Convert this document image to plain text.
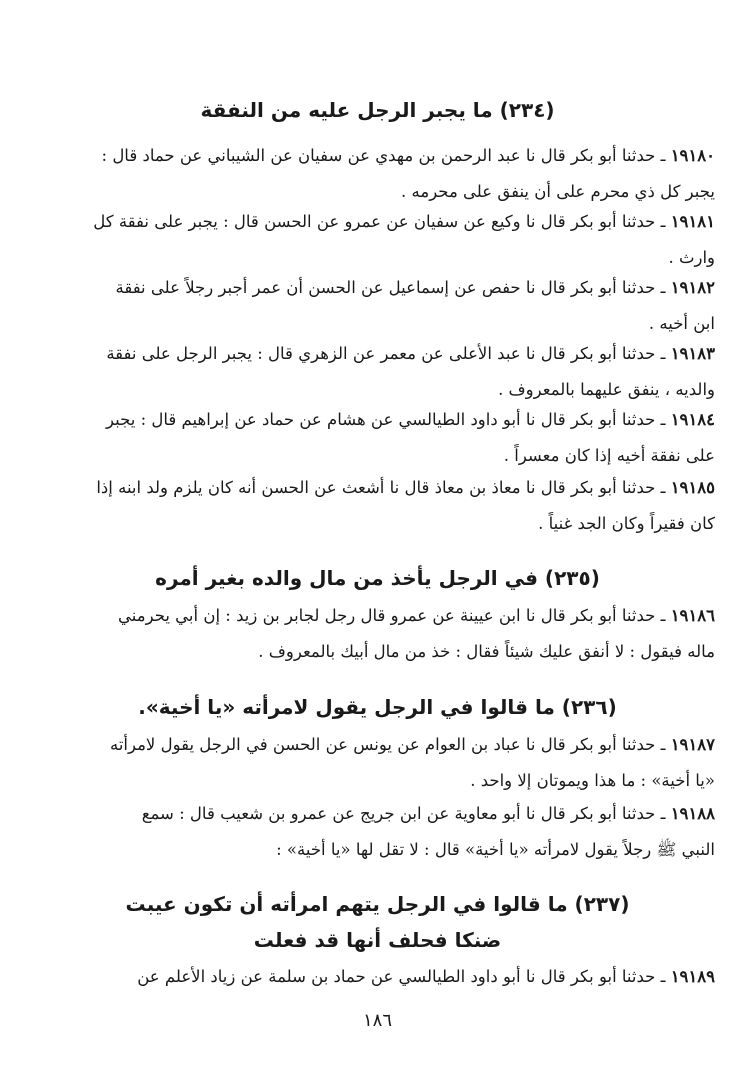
(٢٣٤) ما يجبر الرجل عليه من النفقة
١٩١٨٠ ـ حدثنا أبو بكر قال نا عبد الرحمن بن مهدي عن سفيان عن الشيباني عن حماد قال :
يجبر كل ذي محرم على أن ينفق على محرمه .
١٩١٨١ ـ حدثنا أبو بكر قال نا وكيع عن سفيان عن عمرو عن الحسن قال : يجبر على نفقة كل
وارث .
١٩١٨٢ ـ حدثنا أبو بكر قال نا حفص عن إسماعيل عن الحسن أن عمر أجبر رجلاً على نفقة
ابن أخيه .
١٩١٨٣ ـ حدثنا أبو بكر قال نا عبد الأعلى عن معمر عن الزهري قال : يجبر الرجل على نفقة
والديه ، ينفق عليهما بالمعروف .
١٩١٨٤ ـ حدثنا أبو بكر قال نا أبو داود الطيالسي عن هشام عن حماد عن إبراهيم قال : يجبر
على نفقة أخيه إذا كان معسراً .
١٩١٨٥ ـ حدثنا أبو بكر قال نا معاذ بن معاذ قال نا أشعث عن الحسن أنه كان يلزم ولد ابنه إذا
كان فقيراً وكان الجد غنياً .
(٢٣٥) في الرجل يأخذ من مال والده بغير أمره
١٩١٨٦ ـ حدثنا أبو بكر قال نا ابن عيينة عن عمرو قال رجل لجابر بن زيد : إن أبي يحرمني
ماله فيقول : لا أنفق عليك شيئاً فقال : خذ من مال أبيك بالمعروف .
(٢٣٦) ما قالوا في الرجل يقول لامرأته «يا أخية».
١٩١٨٧ ـ حدثنا أبو بكر قال نا عباد بن العوام عن يونس عن الحسن في الرجل يقول لامرأته
«يا أخية» : ما هذا ويموتان إلا واحد .
١٩١٨٨ ـ حدثنا أبو بكر قال نا أبو معاوية عن ابن جريج عن عمرو بن شعيب قال : سمع
النبي ﷺ رجلاً يقول لامرأته «يا أخية» قال : لا تقل لها «يا أخية» :
(٢٣٧) ما قالوا في الرجل يتهم امرأته أن تكون عيبت
ضنكا فحلف أنها قد فعلت
١٩١٨٩ ـ حدثنا أبو بكر قال نا أبو داود الطيالسي عن حماد بن سلمة عن زياد الأعلم عن
١٨٦
